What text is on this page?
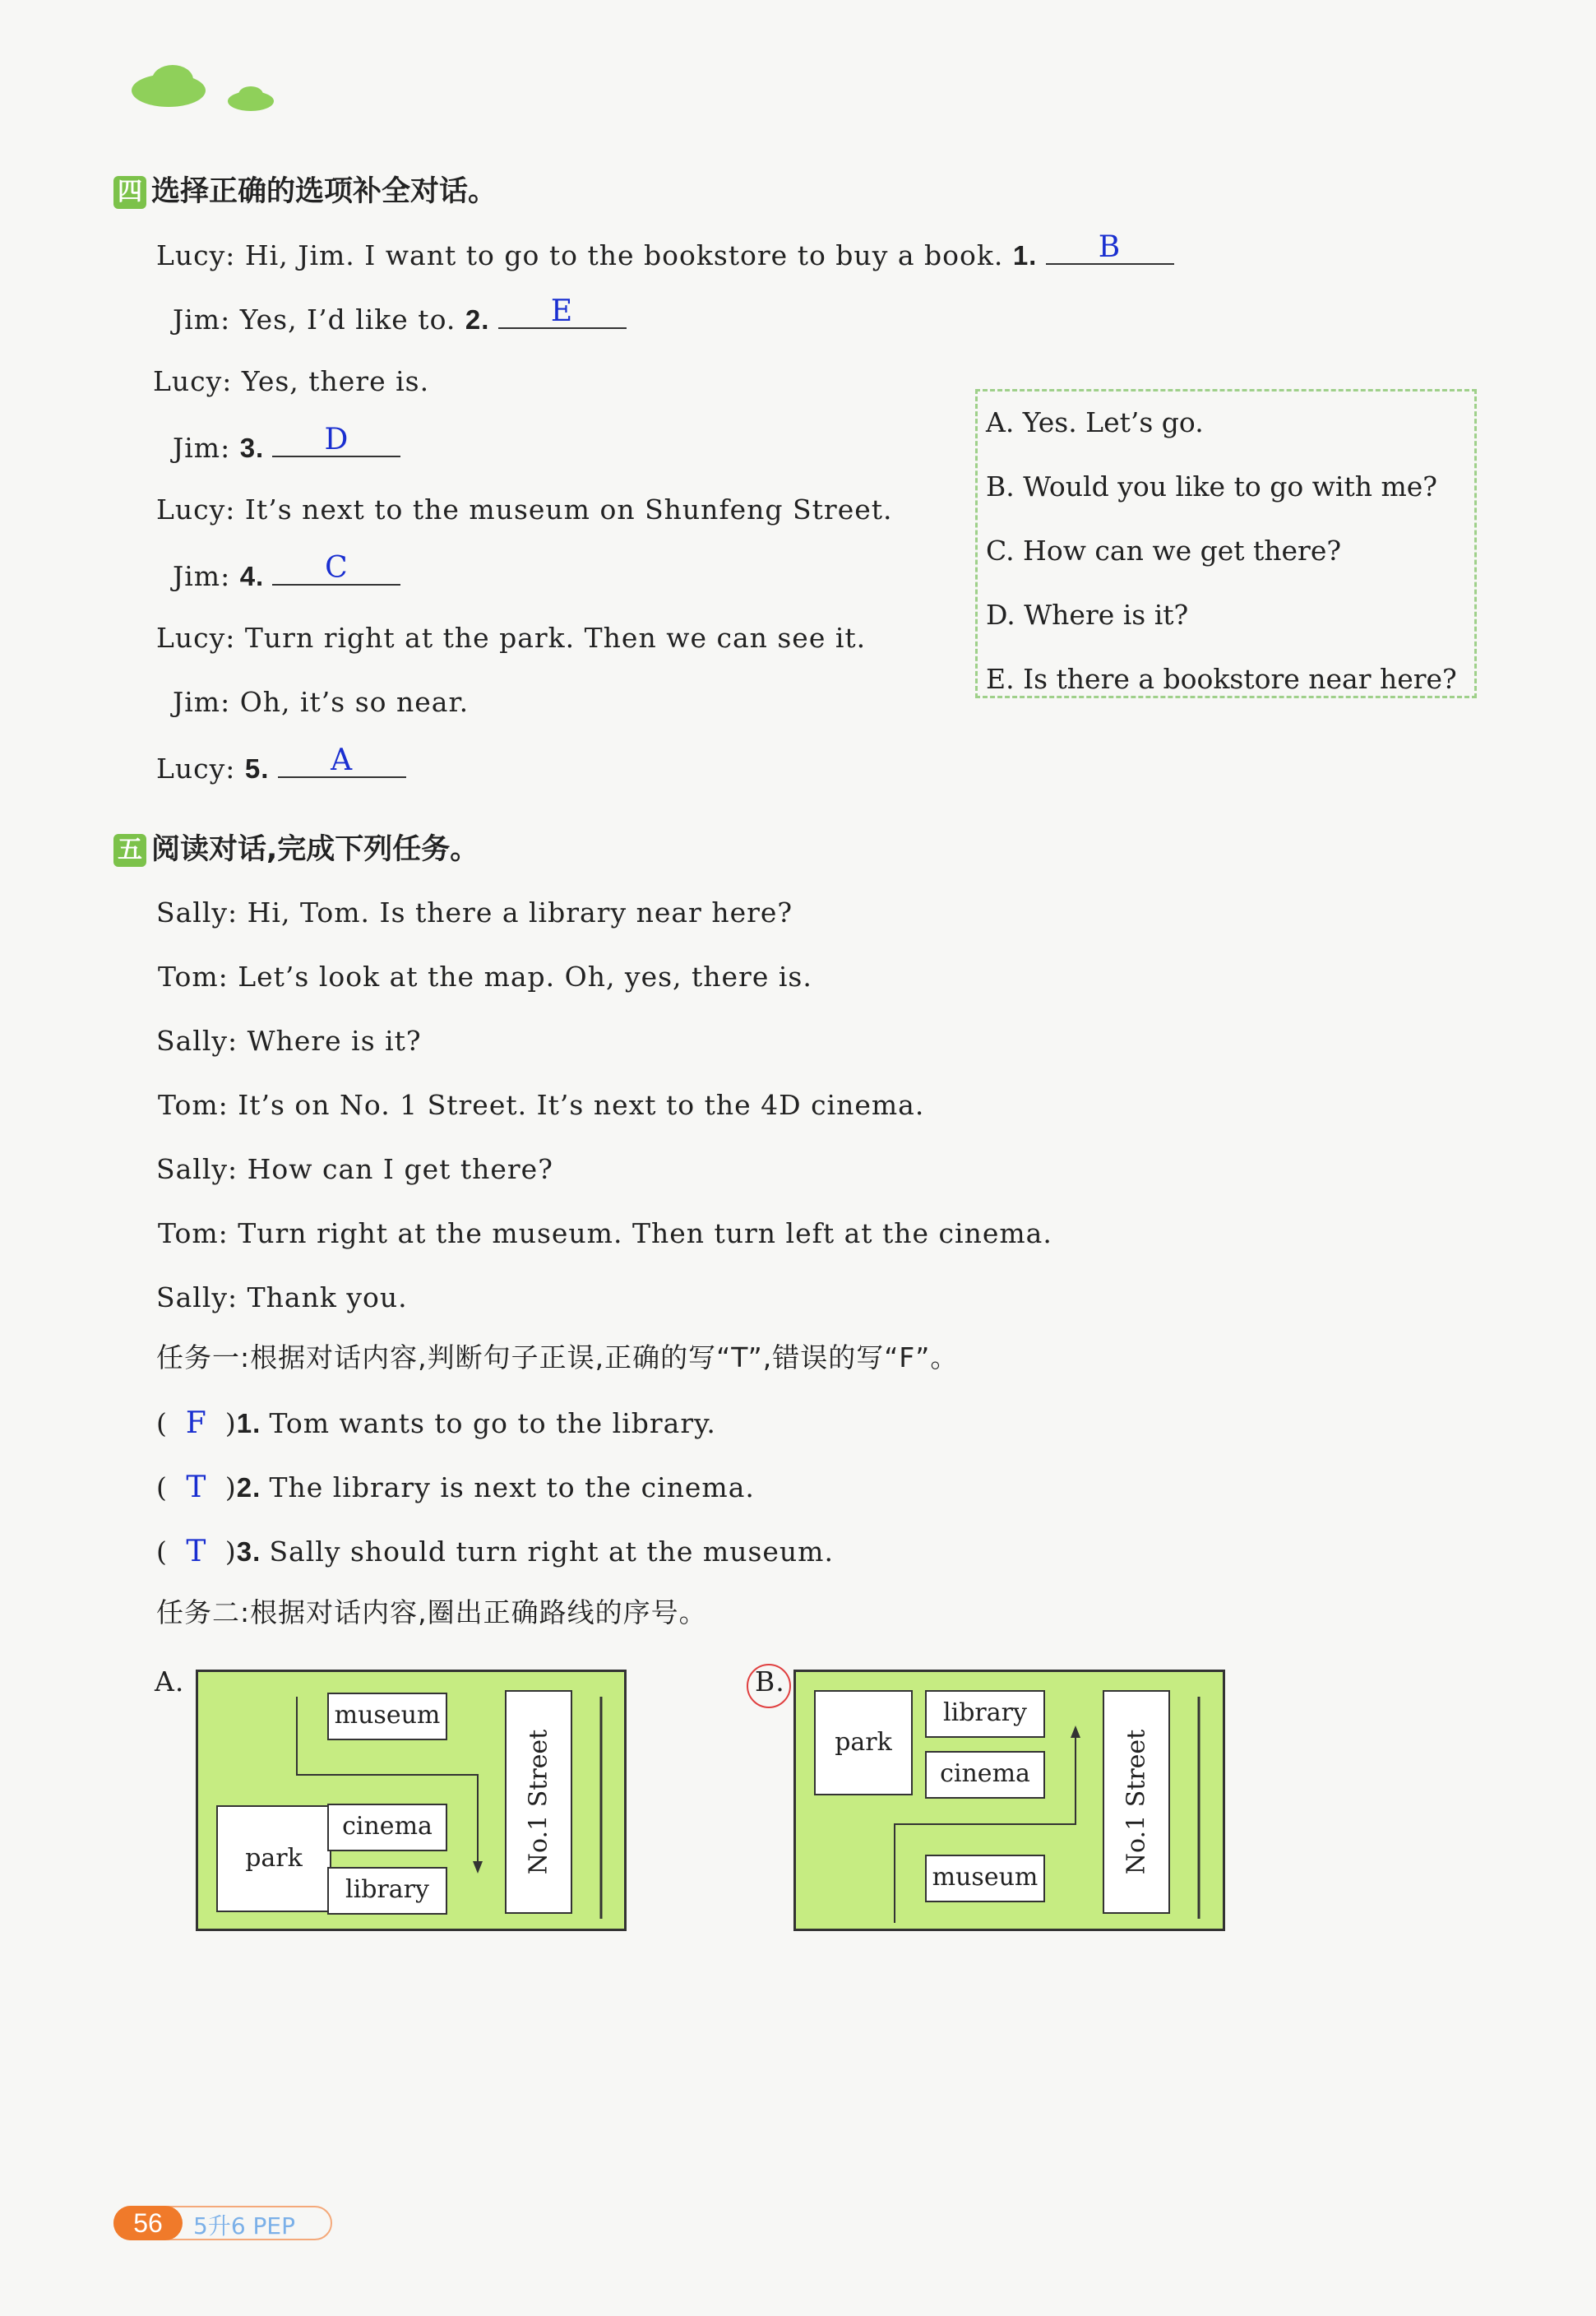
四 选择正确的选项补全对话。
Lucy: Hi, Jim. I want to go to the bookstore to buy a book. 1. B
Jim: Yes, I’d like to. 2. E
Lucy: Yes, there is.
Jim: 3. D
Lucy: It’s next to the museum on Shunfeng Street.
Jim: 4. C
Lucy: Turn right at the park. Then we can see it.
Jim: Oh, it’s so near.
Lucy: 5. A
A. Yes. Let’s go.
B. Would you like to go with me?
C. How can we get there?
D. Where is it?
E. Is there a bookstore near here?
五 阅读对话,完成下列任务。
Sally: Hi, Tom. Is there a library near here?
Tom: Let’s look at the map. Oh, yes, there is.
Sally: Where is it?
Tom: It’s on No. 1 Street. It’s next to the 4D cinema.
Sally: How can I get there?
Tom: Turn right at the museum. Then turn left at the cinema.
Sally: Thank you.
任务一:根据对话内容,判断句子正误,正确的写“T”,错误的写“F”。
( F )1. Tom wants to go to the library.
( T )2. The library is next to the cinema.
( T )3. Sally should turn right at the museum.
任务二:根据对话内容,圈出正确路线的序号。
A.
museum
park
cinema
library
No.1 Street
B.
park
library
cinema
museum
No.1 Street
56	5升6 PEP
